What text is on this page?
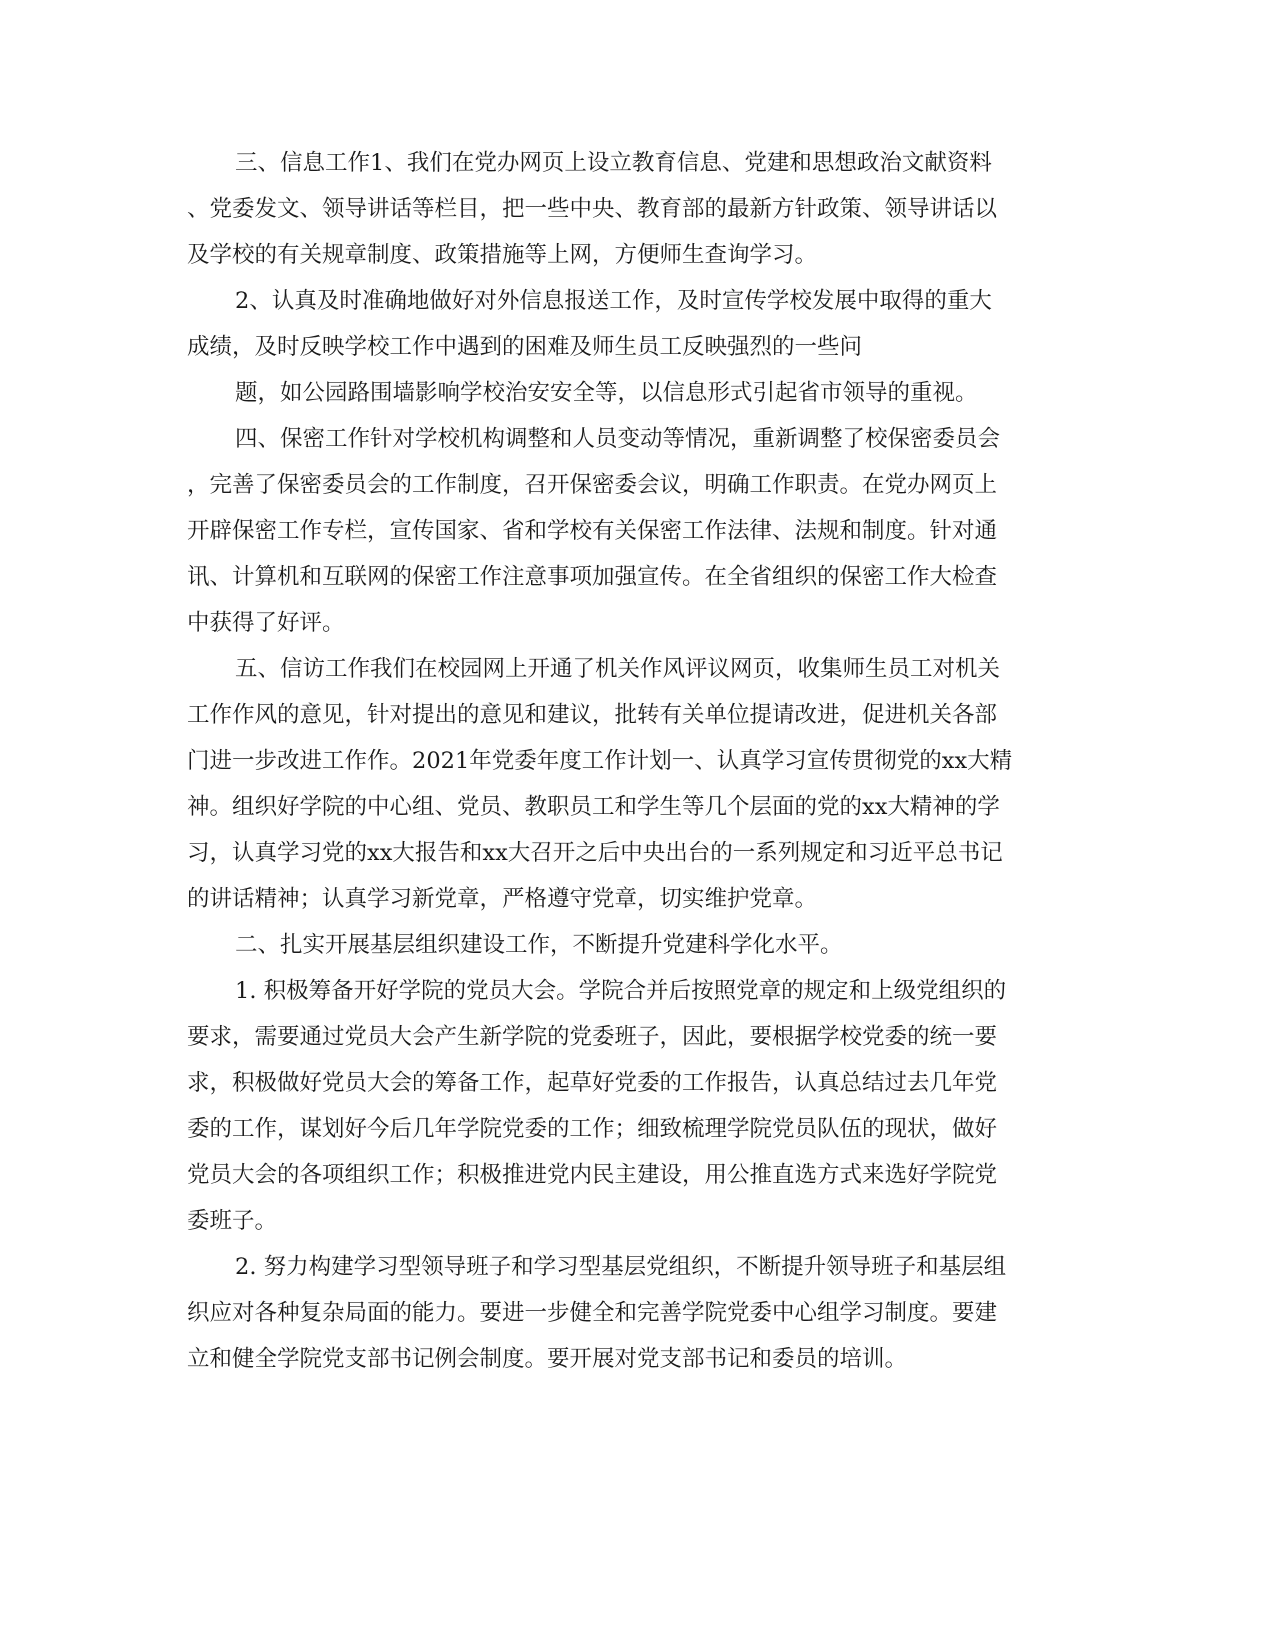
三、信息工作1、我们在党办网页上设立教育信息、党建和思想政治文献资料
、党委发文、领导讲话等栏目，把一些中央、教育部的最新方针政策、领导讲话以
及学校的有关规章制度、政策措施等上网，方便师生查询学习。
2、认真及时准确地做好对外信息报送工作，及时宣传学校发展中取得的重大
成绩，及时反映学校工作中遇到的困难及师生员工反映强烈的一些问
题，如公园路围墙影响学校治安安全等，以信息形式引起省市领导的重视。
四、保密工作针对学校机构调整和人员变动等情况，重新调整了校保密委员会
，完善了保密委员会的工作制度，召开保密委会议，明确工作职责。在党办网页上
开辟保密工作专栏，宣传国家、省和学校有关保密工作法律、法规和制度。针对通
讯、计算机和互联网的保密工作注意事项加强宣传。在全省组织的保密工作大检查
中获得了好评。
五、信访工作我们在校园网上开通了机关作风评议网页，收集师生员工对机关
工作作风的意见，针对提出的意见和建议，批转有关单位提请改进，促进机关各部
门进一步改进工作作。2021年党委年度工作计划一、认真学习宣传贯彻党的xx大精
神。组织好学院的中心组、党员、教职员工和学生等几个层面的党的xx大精神的学
习，认真学习党的xx大报告和xx大召开之后中央出台的一系列规定和习近平总书记
的讲话精神；认真学习新党章，严格遵守党章，切实维护党章。
二、扎实开展基层组织建设工作，不断提升党建科学化水平。
1. 积极筹备开好学院的党员大会。学院合并后按照党章的规定和上级党组织的
要求，需要通过党员大会产生新学院的党委班子，因此，要根据学校党委的统一要
求，积极做好党员大会的筹备工作，起草好党委的工作报告，认真总结过去几年党
委的工作，谋划好今后几年学院党委的工作；细致梳理学院党员队伍的现状，做好
党员大会的各项组织工作；积极推进党内民主建设，用公推直选方式来选好学院党
委班子。
2. 努力构建学习型领导班子和学习型基层党组织，不断提升领导班子和基层组
织应对各种复杂局面的能力。要进一步健全和完善学院党委中心组学习制度。要建
立和健全学院党支部书记例会制度。要开展对党支部书记和委员的培训。
